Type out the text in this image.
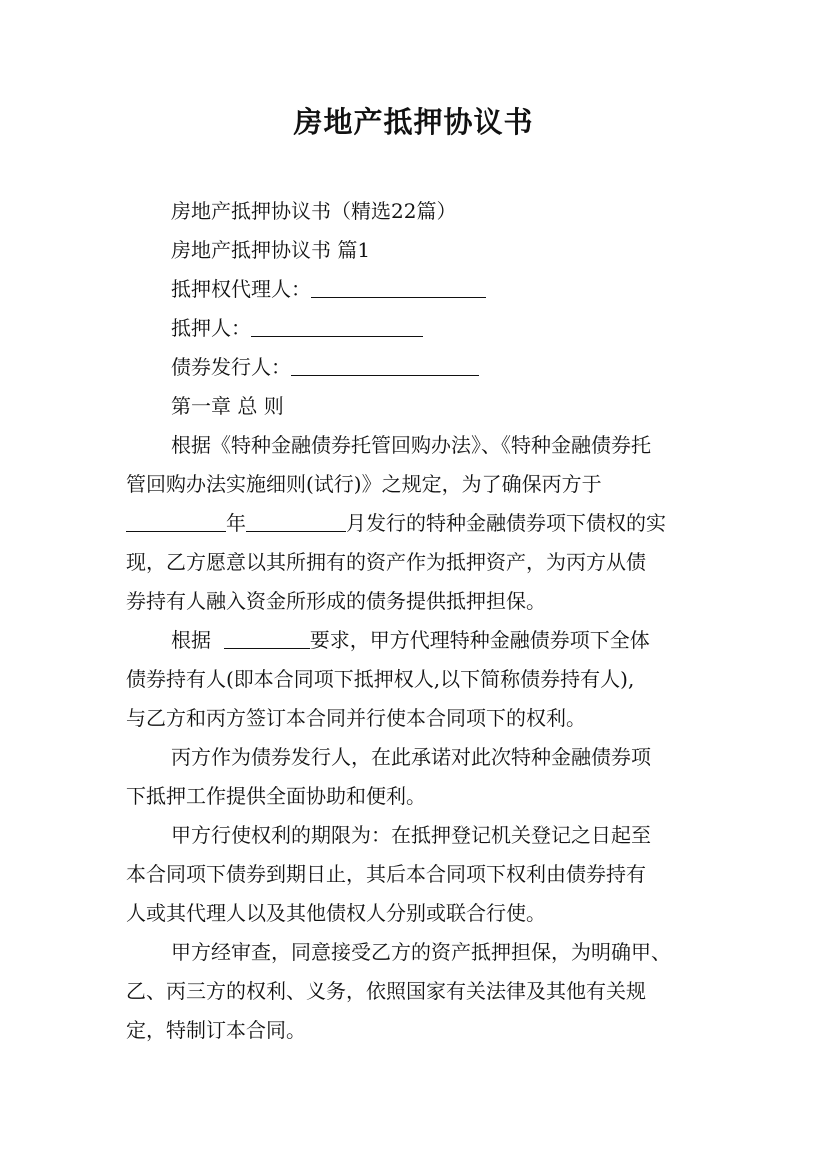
房地产抵押协议书
房地产抵押协议书（精选22篇）
房地产抵押协议书 篇1
抵押权代理人：
抵押人：
债券发行人：
第一章 总 则
根据《特种金融债券托管回购办法》、《特种金融债券托
管回购办法实施细则(试行)》之规定，为了确保丙方于
年	月发行的特种金融债券项下债权的实
现，乙方愿意以其所拥有的资产作为抵押资产，为丙方从债
券持有人融入资金所形成的债务提供抵押担保。
根据	要求，甲方代理特种金融债券项下全体
债券持有人(即本合同项下抵押权人,以下简称债券持有人),
与乙方和丙方签订本合同并行使本合同项下的权利。
丙方作为债券发行人，在此承诺对此次特种金融债券项
下抵押工作提供全面协助和便利。
甲方行使权利的期限为：在抵押登记机关登记之日起至
本合同项下债券到期日止，其后本合同项下权利由债券持有
人或其代理人以及其他债权人分别或联合行使。
甲方经审查，同意接受乙方的资产抵押担保，为明确甲、
乙、丙三方的权利、义务，依照国家有关法律及其他有关规
定，特制订本合同。
